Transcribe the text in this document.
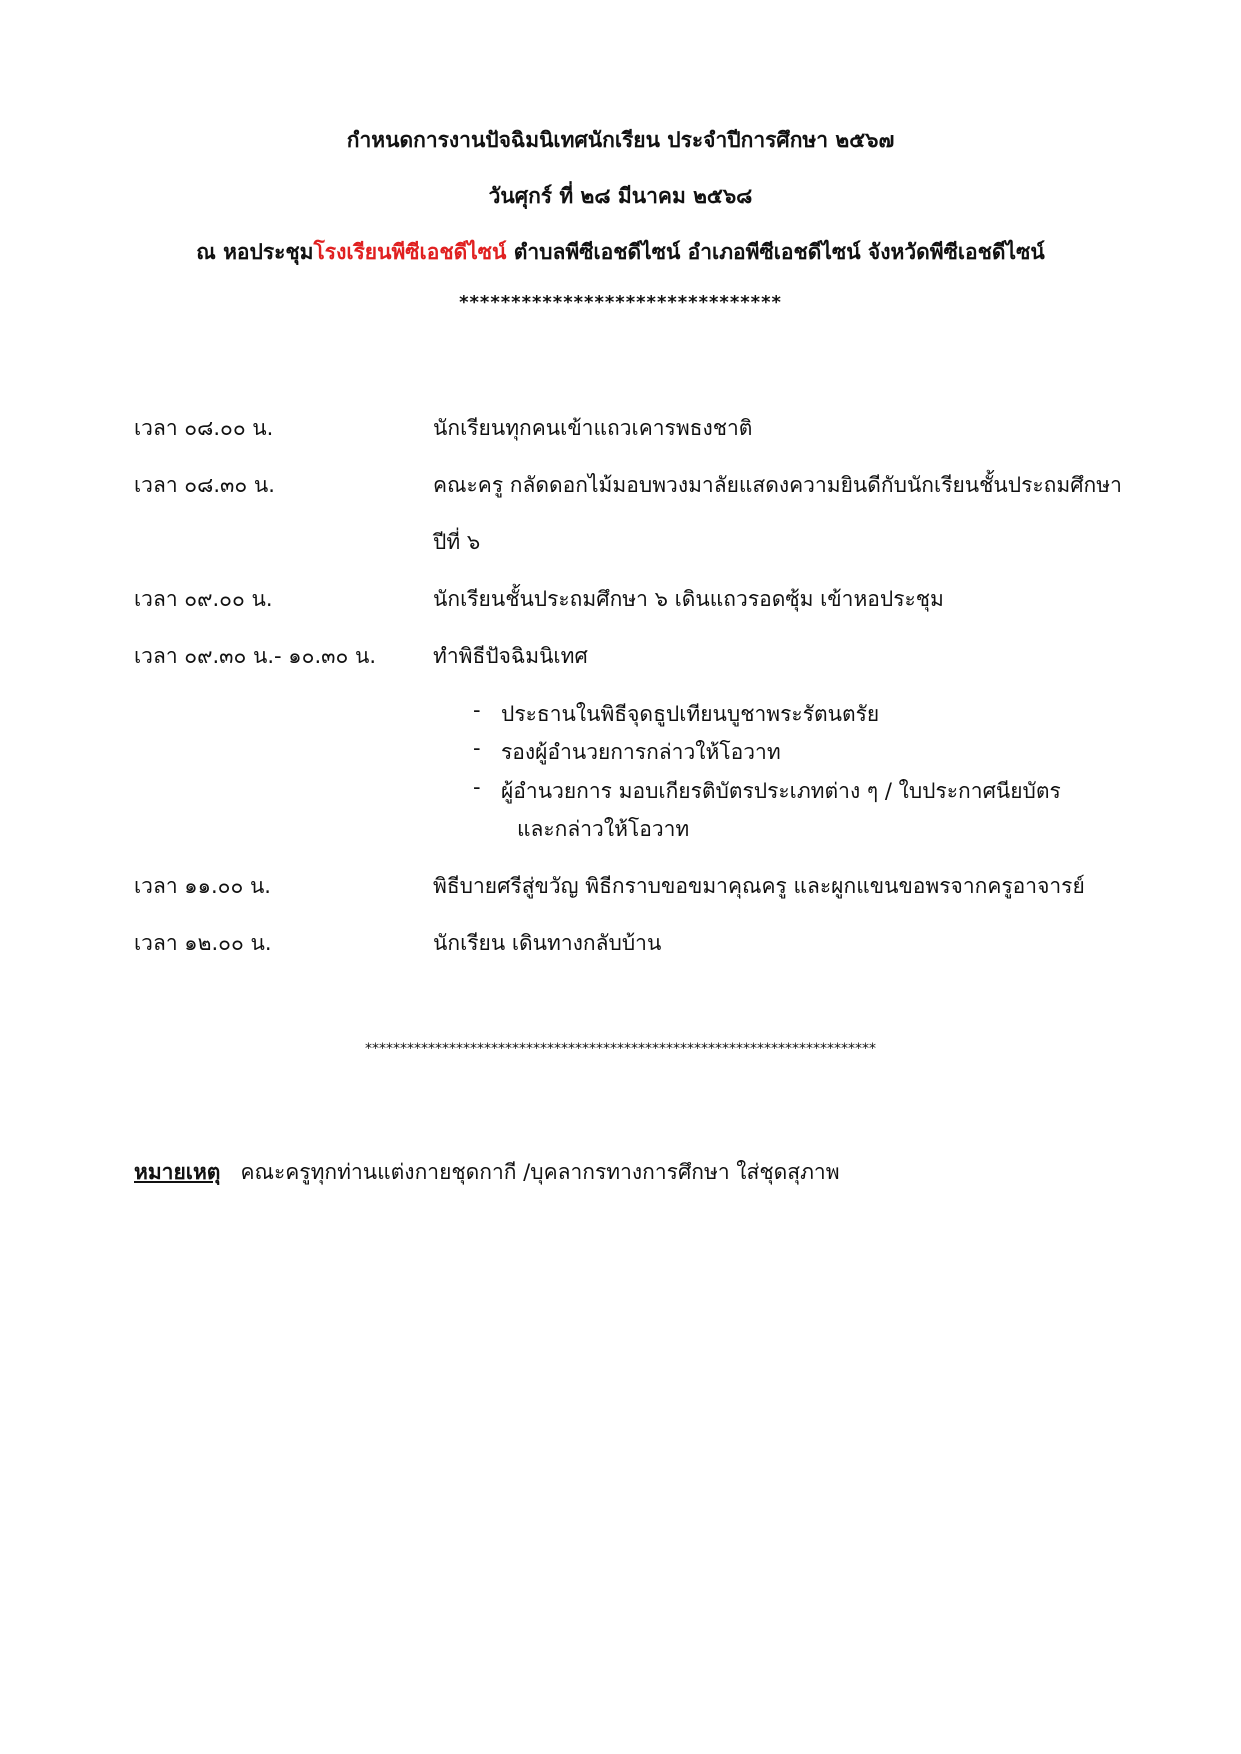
กำหนดการงานปัจฉิมนิเทศนักเรียน ประจำปีการศึกษา ๒๕๖๗
วันศุกร์ ที่ ๒๘ มีนาคม ๒๕๖๘
ณ หอประชุมโรงเรียนพีซีเอชดีไซน์ ตำบลพีซีเอชดีไซน์ อำเภอพีซีเอชดีไซน์ จังหวัดพีซีเอชดีไซน์
*******************************
เวลา ๐๘.๐๐ น.	นักเรียนทุกคนเข้าแถวเคารพธงชาติ
เวลา ๐๘.๓๐ น.	คณะครู กลัดดอกไม้มอบพวงมาลัยแสดงความยินดีกับนักเรียนชั้นประถมศึกษา
ปีที่ ๖
เวลา ๐๙.๐๐ น.	นักเรียนชั้นประถมศึกษา ๖ เดินแถวรอดซุ้ม เข้าหอประชุม
เวลา ๐๙.๓๐ น.- ๑๐.๓๐ น.	ทำพิธีปัจฉิมนิเทศ
- ประธานในพิธีจุดธูปเทียนบูชาพระรัตนตรัย
- รองผู้อำนวยการกล่าวให้โอวาท
- ผู้อำนวยการ มอบเกียรติบัตรประเภทต่าง ๆ / ใบประกาศนียบัตร
และกล่าวให้โอวาท
เวลา ๑๑.๐๐ น.	พิธีบายศรีสู่ขวัญ พิธีกราบขอขมาคุณครู และผูกแขนขอพรจากครูอาจารย์
เวลา ๑๒.๐๐ น.	นักเรียน เดินทางกลับบ้าน
*************************************************************************
หมายเหตุ คณะครูทุกท่านแต่งกายชุดกากี /บุคลากรทางการศึกษา ใส่ชุดสุภาพ
